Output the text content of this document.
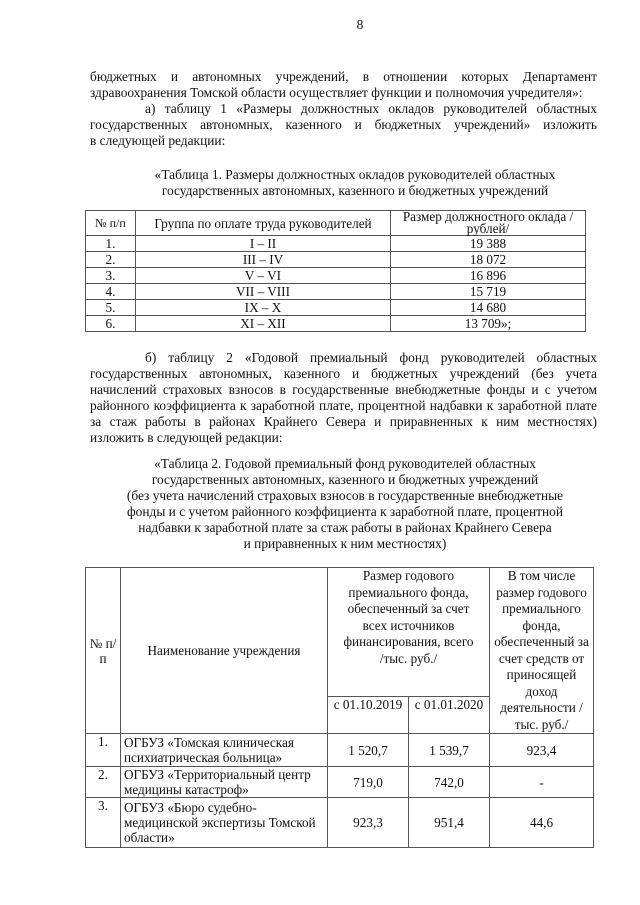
8
бюджетных и автономных учреждений, в отношении которых Департамент
здравоохранения Томской области осуществляет функции и полномочия учредителя»:
а) таблицу 1 «Размеры должностных окладов руководителей областных
государственных автономных, казенного и бюджетных учреждений» изложить
в следующей редакции:
«Таблица 1. Размеры должностных окладов руководителей областных
государственных автономных, казенного и бюджетных учреждений
№ п/п	Группа по оплате труда руководителей	Размер должностного оклада /рублей/
1.	I – II	19 388
2.	III – IV	18 072
3.	V – VI	16 896
4.	VII – VIII	15 719
5.	IX – X	14 680
6.	XI – XII	13 709»;
б) таблицу 2 «Годовой премиальный фонд руководителей областных
государственных автономных, казенного и бюджетных учреждений (без учета
начислений страховых взносов в государственные внебюджетные фонды и с учетом
районного коэффициента к заработной плате, процентной надбавки к заработной плате
за стаж работы в районах Крайнего Севера и приравненных к ним местностях)
изложить в следующей редакции:
«Таблица 2. Годовой премиальный фонд руководителей областных
государственных автономных, казенного и бюджетных учреждений
(без учета начислений страховых взносов в государственные внебюджетные
фонды и с учетом районного коэффициента к заработной плате, процентной
надбавки к заработной плате за стаж работы в районах Крайнего Севера
и приравненных к ним местностях)
№ п/п	Наименование учреждения	Размер годового премиального фонда, обеспеченный за счет всех источников финансирования, всего /тыс. руб./		В том числе размер годового премиального фонда, обеспеченный за счет средств от приносящей доход деятельности /тыс. руб./
		с 01.10.2019	с 01.01.2020	
1.	ОГБУЗ «Томская клиническая психиатрическая больница»	1 520,7	1 539,7	923,4
2.	ОГБУЗ «Территориальный центр медицины катастроф»	719,0	742,0	-
3.	ОГБУЗ «Бюро судебно-медицинской экспертизы Томской области»	923,3	951,4	44,6
